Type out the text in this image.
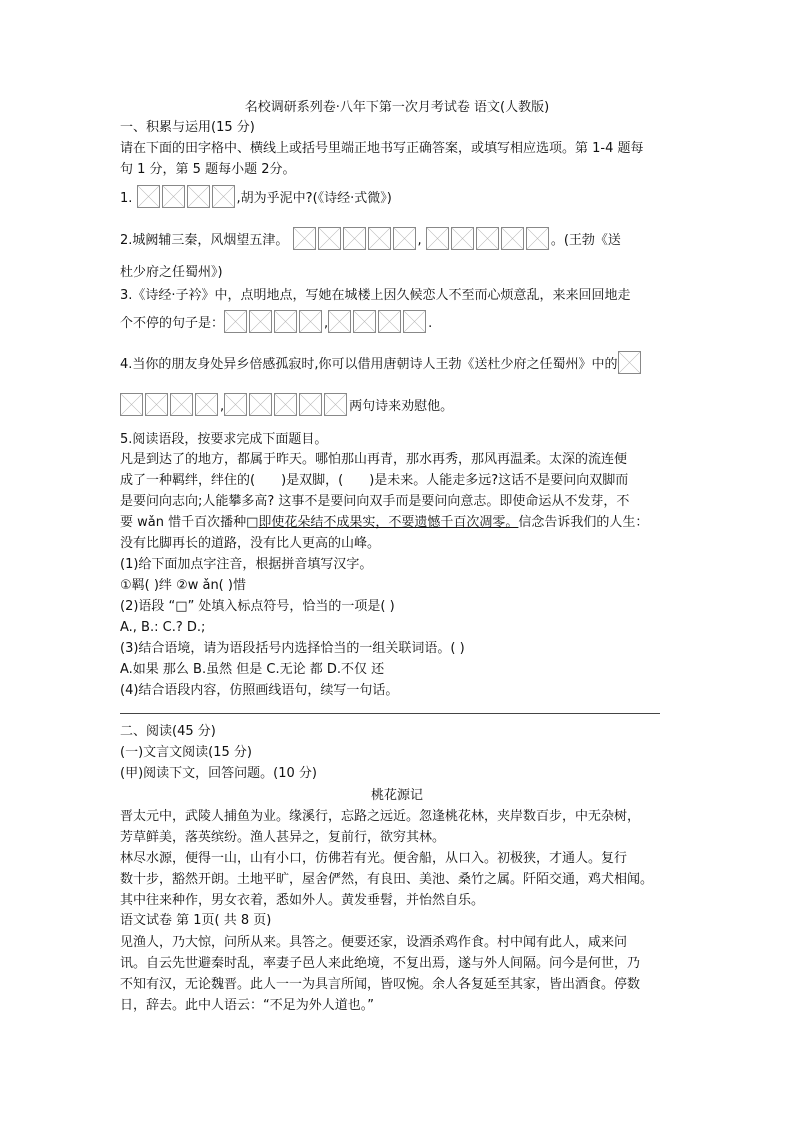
名校调研系列卷·八年下第一次月考试卷 语文(人教版)
一、积累与运用(15 分)
请在下面的田字格中、横线上或括号里端正地书写正确答案，或填写相应选项。第 1-4 题每
句 1 分，第 5 题每小题 2分。
1.	,胡为乎泥中?(《诗经·式微》)
2.城阙辅三秦，风烟望五津。	,	。(王勃《送
杜少府之任蜀州》)
3.《诗经·子衿》中，点明地点，写她在城楼上因久候恋人不至而心烦意乱，来来回回地走
个不停的句子是：	,	.
4.当你的朋友身处异乡倍感孤寂时,你可以借用唐朝诗人王勃《送杜少府之任蜀州》中的
,	两句诗来劝慰他。
5.阅读语段，按要求完成下面题目。
凡是到达了的地方，都属于昨天。哪怕那山再青，那水再秀，那风再温柔。太深的流连便
成了一种羁绊，绊住的(　　)是双脚，(　　)是未来。人能走多远?这话不是要问向双脚而
是要问向志向;人能攀多高? 这事不是要问向双手而是要问向意志。即使命运从不发芽，不
要 wǎn 惜千百次播种□即使花朵结不成果实，不要遗憾千百次凋零。信念告诉我们的人生：
没有比脚再长的道路，没有比人更高的山峰。
(1)给下面加点字注音，根据拼音填写汉字。
①羁( )绊 ②w ǎn( )惜
(2)语段 “□” 处填入标点符号，恰当的一项是( )
A., B.: C.? D.;
(3)结合语境，请为语段括号内选择恰当的一组关联词语。( )
A.如果 那么 B.虽然 但是 C.无论 都 D.不仅 还
(4)结合语段内容，仿照画线语句，续写一句话。
二、阅读(45 分)
(一)文言文阅读(15 分)
(甲)阅读下文，回答问题。(10 分)
桃花源记
晋太元中，武陵人捕鱼为业。缘溪行，忘路之远近。忽逢桃花林，夹岸数百步，中无杂树，
芳草鲜美，落英缤纷。渔人甚异之，复前行，欲穷其林。
林尽水源，便得一山，山有小口，仿佛若有光。便舍船，从口入。初极狭，才通人。复行
数十步，豁然开朗。土地平旷，屋舍俨然，有良田、美池、桑竹之属。阡陌交通，鸡犬相闻。
其中往来种作，男女衣着，悉如外人。黄发垂髫，并怡然自乐。
语文试卷 第 1页( 共 8 页)
见渔人，乃大惊，问所从来。具答之。便要还家，设酒杀鸡作食。村中闻有此人，咸来问
讯。自云先世避秦时乱，率妻子邑人来此绝境，不复出焉，遂与外人间隔。问今是何世，乃
不知有汉，无论魏晋。此人一一为具言所闻，皆叹惋。余人各复延至其家，皆出酒食。停数
日，辞去。此中人语云：“不足为外人道也。”
